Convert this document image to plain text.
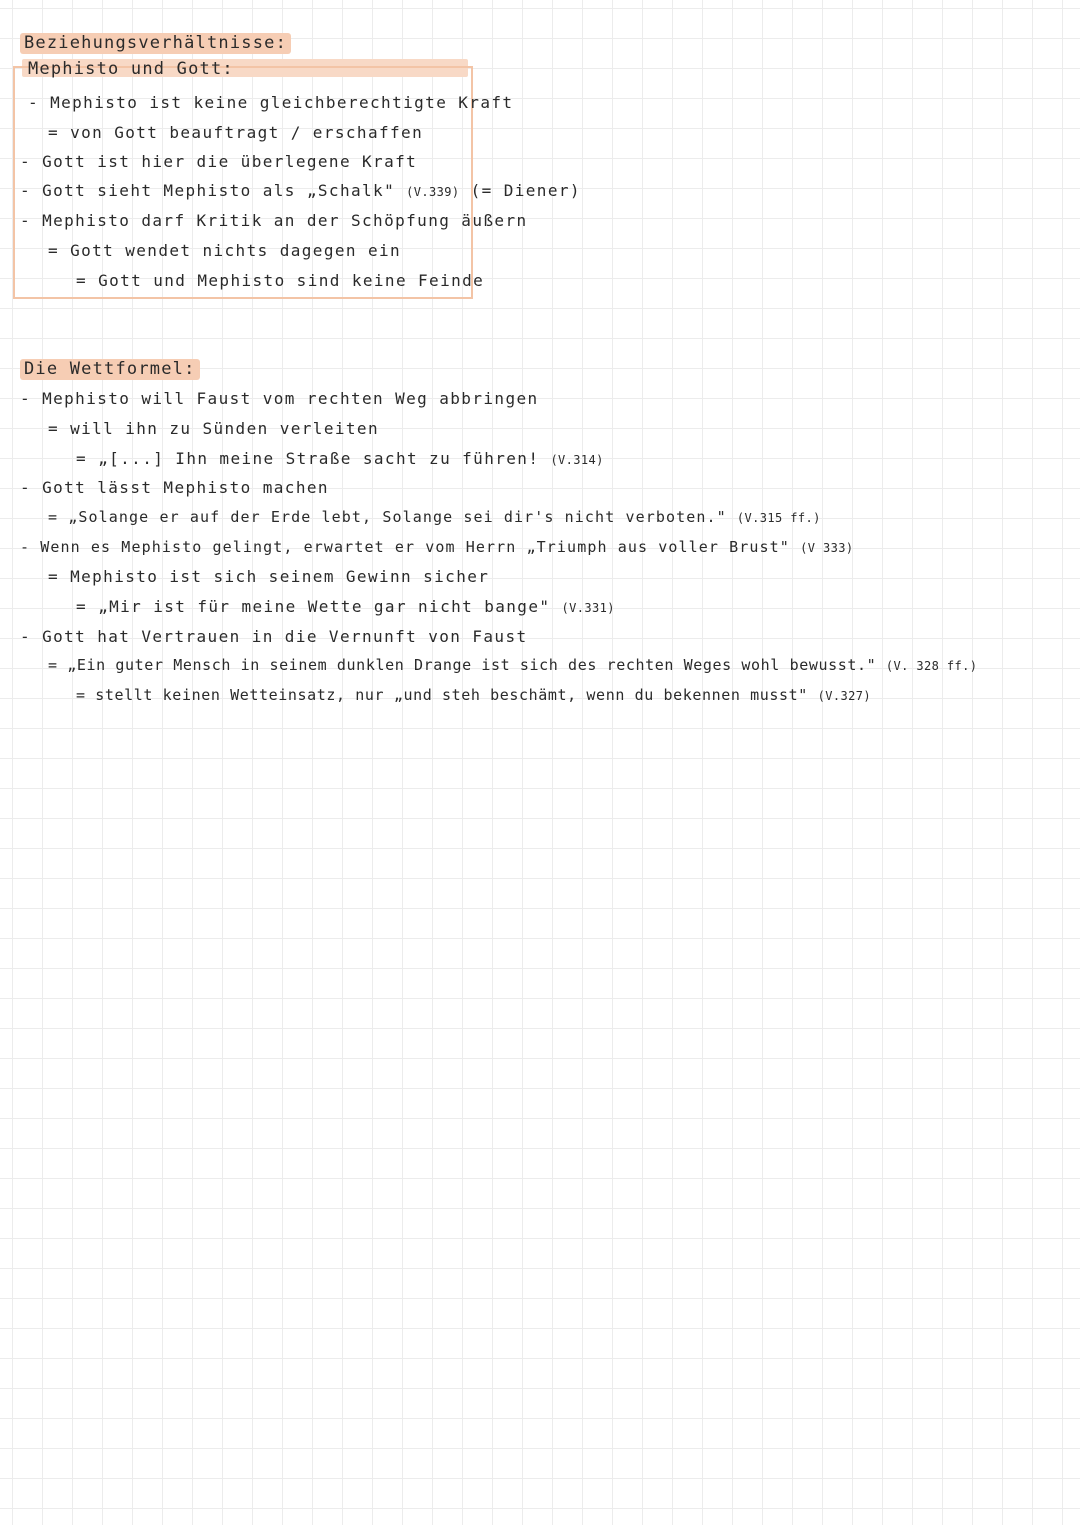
Beziehungsverhältnisse:
Mephisto und Gott:
- Mephisto ist keine gleichberechtigte Kraft
= von Gott beauftragt / erschaffen
- Gott ist hier die überlegene Kraft
- Gott sieht Mephisto als „Schalk" (V.339) (= Diener)
- Mephisto darf Kritik an der Schöpfung äußern
= Gott wendet nichts dagegen ein
= Gott und Mephisto sind keine Feinde
Die Wettformel:
- Mephisto will Faust vom rechten Weg abbringen
= will ihn zu Sünden verleiten
= „[...] Ihn meine Straße sacht zu führen! (V.314)
- Gott lässt Mephisto machen
= „Solange er auf der Erde lebt, Solange sei dir's nicht verboten." (V.315 ff.)
- Wenn es Mephisto gelingt, erwartet er vom Herrn „Triumph aus voller Brust" (V 333)
= Mephisto ist sich seinem Gewinn sicher
= „Mir ist für meine Wette gar nicht bange" (V.331)
- Gott hat Vertrauen in die Vernunft von Faust
= „Ein guter Mensch in seinem dunklen Drange ist sich des rechten Weges wohl bewusst." (V. 328 ff.)
= stellt keinen Wetteinsatz, nur „und steh beschämt, wenn du bekennen musst" (V.327)
